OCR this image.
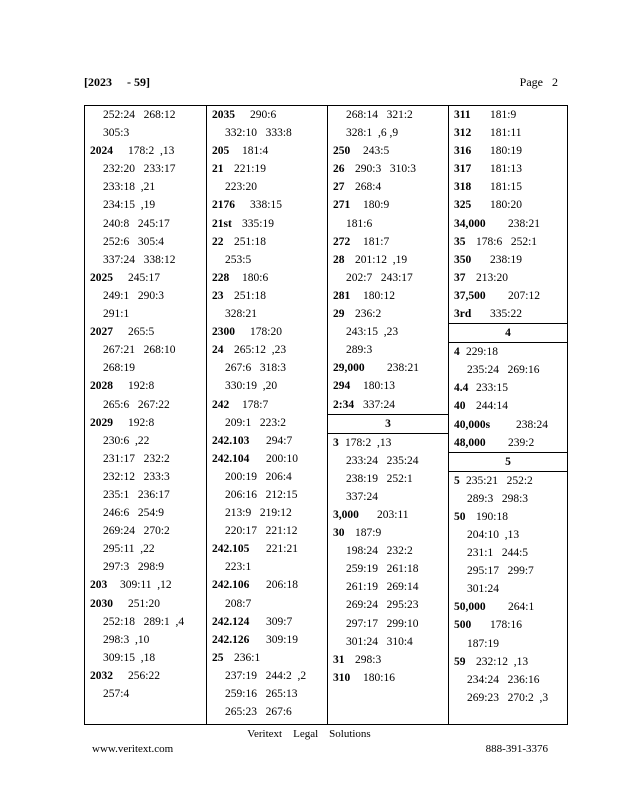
[2023     - 59]	Page   2
252:24   268:12
305:3
2024 178:2  ,13
232:20   233:17
233:18  ,21
234:15  ,19
240:8   245:17
252:6   305:4
337:24   338:12
2025 245:17
249:1   290:3
291:1
2027 265:5
267:21   268:10
268:19
2028 192:8
265:6   267:22
2029 192:8
230:6  ,22
231:17   232:2
232:12   233:3
235:1   236:17
246:6   254:9
269:24   270:2
295:11  ,22
297:3   298:9
203 309:11  ,12
2030 251:20
252:18   289:1  ,4
298:3  ,10
309:15  ,18
2032 256:22
257:4
2035 290:6
332:10   333:8
205 181:4
21 221:19
223:20
2176 338:15
21st 335:19
22 251:18
253:5
228 180:6
23 251:18
328:21
2300 178:20
24 265:12  ,23
267:6   318:3
330:19  ,20
242 178:7
209:1   223:2
242.103 294:7
242.104 200:10
200:19   206:4
206:16   212:15
213:9   219:12
220:17   221:12
242.105 221:21
223:1
242.106 206:18
208:7
242.124 309:7
242.126 309:19
25 236:1
237:19   244:2  ,2
259:16   265:13
265:23   267:6
268:14   321:2
328:1  ,6 ,9
250 243:5
26 290:3   310:3
27 268:4
271 180:9
181:6
272 181:7
28 201:12  ,19
202:7   243:17
281 180:12
29 236:2
243:15  ,23
289:3
29,000 238:21
294 180:13
2:34 337:24
3
3 178:2  ,13
233:24   235:24
238:19   252:1
337:24
3,000 203:11
30 187:9
198:24   232:2
259:19   261:18
261:19   269:14
269:24   295:23
297:17   299:10
301:24   310:4
31 298:3
310 180:16
311 181:9
312 181:11
316 180:19
317 181:13
318 181:15
325 180:20
34,000 238:21
35 178:6   252:1
350 238:19
37 213:20
37,500 207:12
3rd 335:22
4
4 229:18
235:24   269:16
4.4 233:15
40 244:14
40,000s 238:24
48,000 239:2
5
5 235:21   252:2
289:3   298:3
50 190:18
204:10  ,13
231:1   244:5
295:17   299:7
301:24
50,000 264:1
500 178:16
187:19
59 232:12  ,13
234:24   236:16
269:23   270:2  ,3
Veritext    Legal    Solutions
www.veritext.com	888-391-3376
